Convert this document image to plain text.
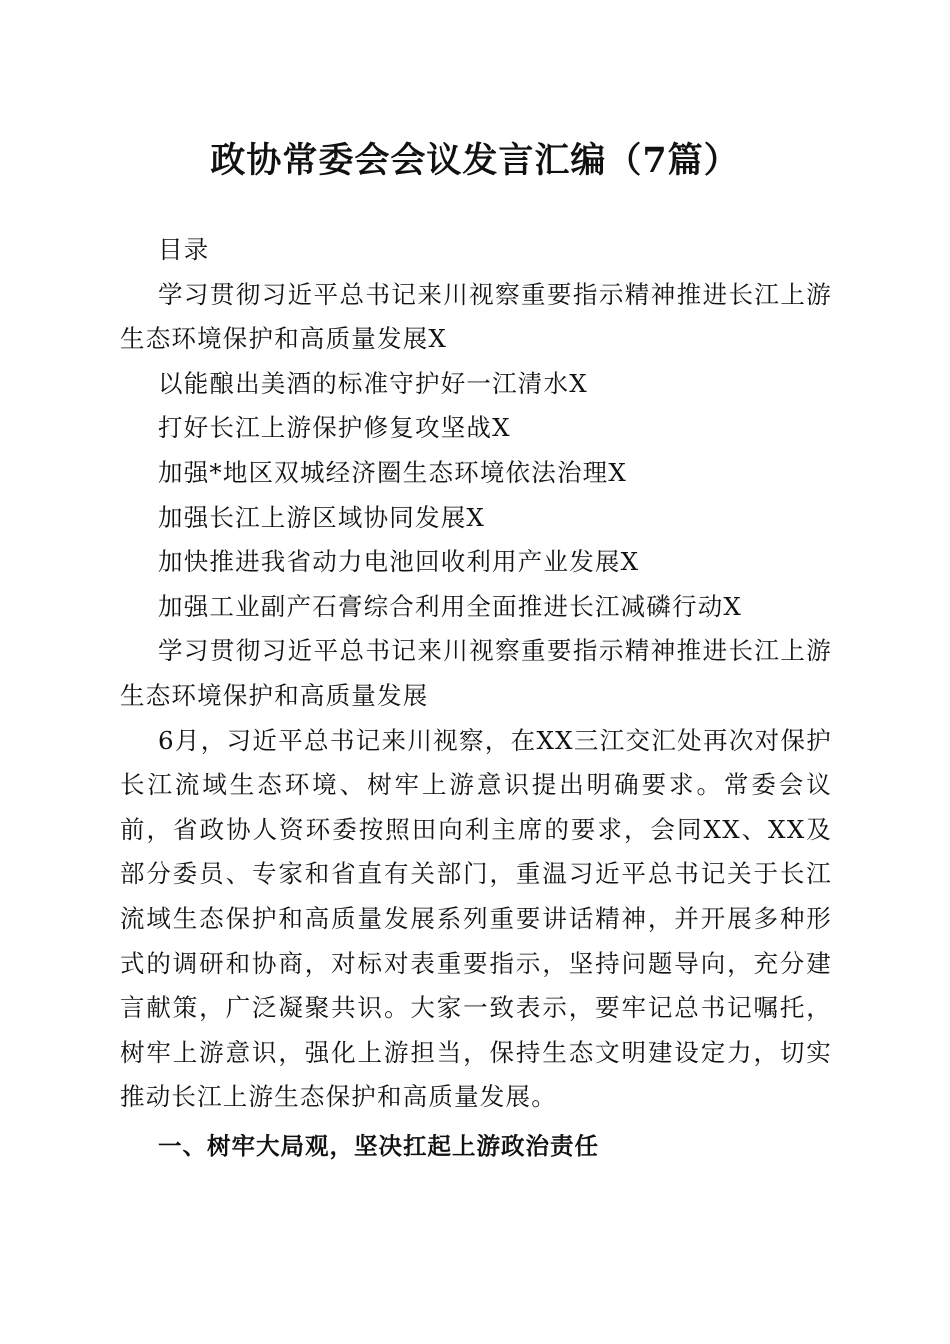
政协常委会会议发言汇编（7篇）

目录

学习贯彻习近平总书记来川视察重要指示精神推进长江上游生态环境保护和高质量发展X

以能酿出美酒的标准守护好一江清水X

打好长江上游保护修复攻坚战X

加强*地区双城经济圈生态环境依法治理X

加强长江上游区域协同发展X

加快推进我省动力电池回收利用产业发展X

加强工业副产石膏综合利用全面推进长江减磷行动X

学习贯彻习近平总书记来川视察重要指示精神推进长江上游生态环境保护和高质量发展

6月，习近平总书记来川视察，在XX三江交汇处再次对保护长江流域生态环境、树牢上游意识提出明确要求。常委会议前，省政协人资环委按照田向利主席的要求，会同XX、XX及部分委员、专家和省直有关部门，重温习近平总书记关于长江流域生态保护和高质量发展系列重要讲话精神，并开展多种形式的调研和协商，对标对表重要指示，坚持问题导向，充分建言献策，广泛凝聚共识。大家一致表示，要牢记总书记嘱托，树牢上游意识，强化上游担当，保持生态文明建设定力，切实推动长江上游生态保护和高质量发展。

一、树牢大局观，坚决扛起上游政治责任
